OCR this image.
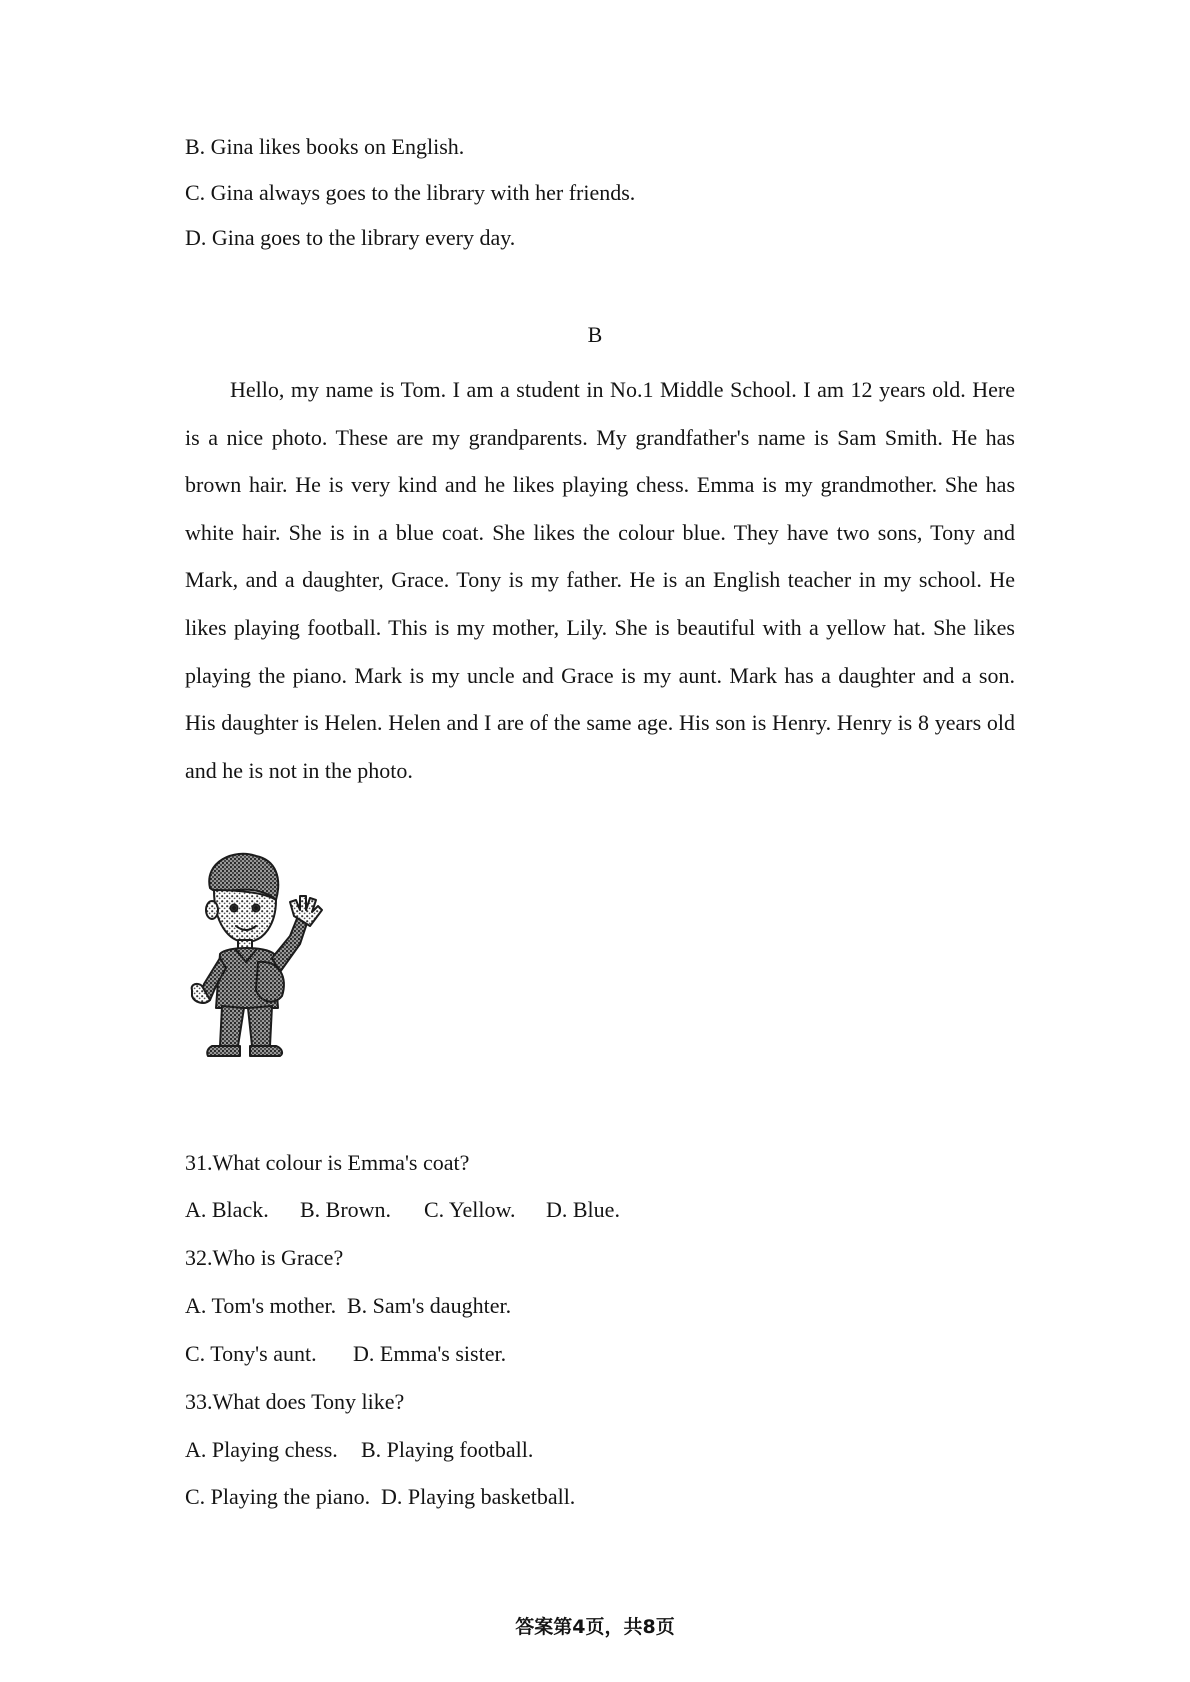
B. Gina likes books on English.
C. Gina always goes to the library with her friends.
D. Gina goes to the library every day.
B
Hello, my name is Tom. I am a student in No.1 Middle School. I am 12 years old. Here is a nice photo. These are my grandparents. My grandfather's name is Sam Smith. He has brown hair. He is very kind and he likes playing chess. Emma is my grandmother. She has white hair. She is in a blue coat. She likes the colour blue. They have two sons, Tony and Mark, and a daughter, Grace. Tony is my father. He is an English teacher in my school. He likes playing football. This is my mother, Lily. She is beautiful with a yellow hat. She likes playing the piano. Mark is my uncle and Grace is my aunt. Mark has a daughter and a son. His daughter is Helen. Helen and I are of the same age. His son is Henry. Henry is 8 years old and he is not in the photo.
31.What colour is Emma's coat?
A. Black. B. Brown. C. Yellow. D. Blue.
32.Who is Grace?
A. Tom's mother. B. Sam's daughter.
C. Tony's aunt. D. Emma's sister.
33.What does Tony like?
A. Playing chess. B. Playing football.
C. Playing the piano. D. Playing basketball.
答案第4页，共8页
